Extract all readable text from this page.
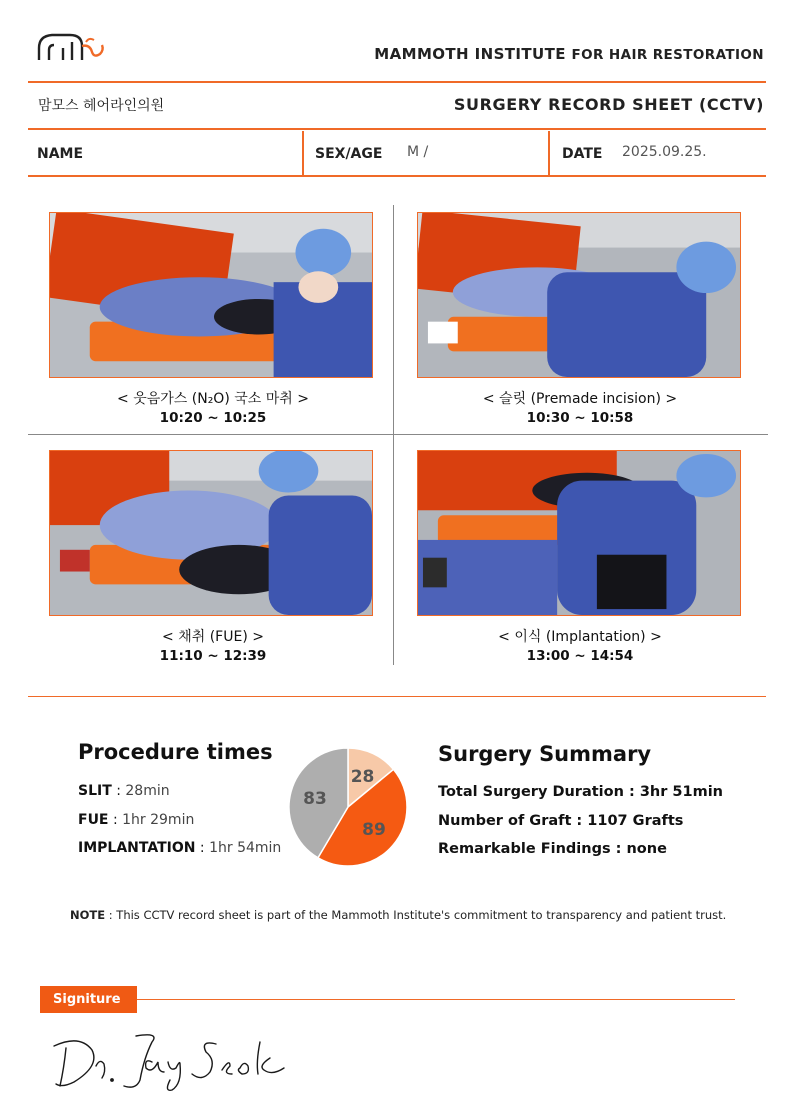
MAMMOTH INSTITUTE FOR HAIR RESTORATION
맘모스 헤어라인의원	SURGERY RECORD SHEET (CCTV)
NAME	SEX/AGE M /	DATE 2025.09.25.
< 웃음가스 (N₂O) 국소 마취 >
10:20 ~ 10:25
< 슬릿 (Premade incision) >
10:30 ~ 10:58
< 채취 (FUE) >
11:10 ~ 12:39
< 이식 (Implantation) >
13:00 ~ 14:54
Procedure times
SLIT : 28min
FUE : 1hr 29min
IMPLANTATION : 1hr 54min
28
89
83
Surgery Summary
Total Surgery Duration : 3hr 51min
Number of Graft : 1107 Grafts
Remarkable Findings : none
NOTE : This CCTV record sheet is part of the Mammoth Institute's commitment to transparency and patient trust.
Signiture
